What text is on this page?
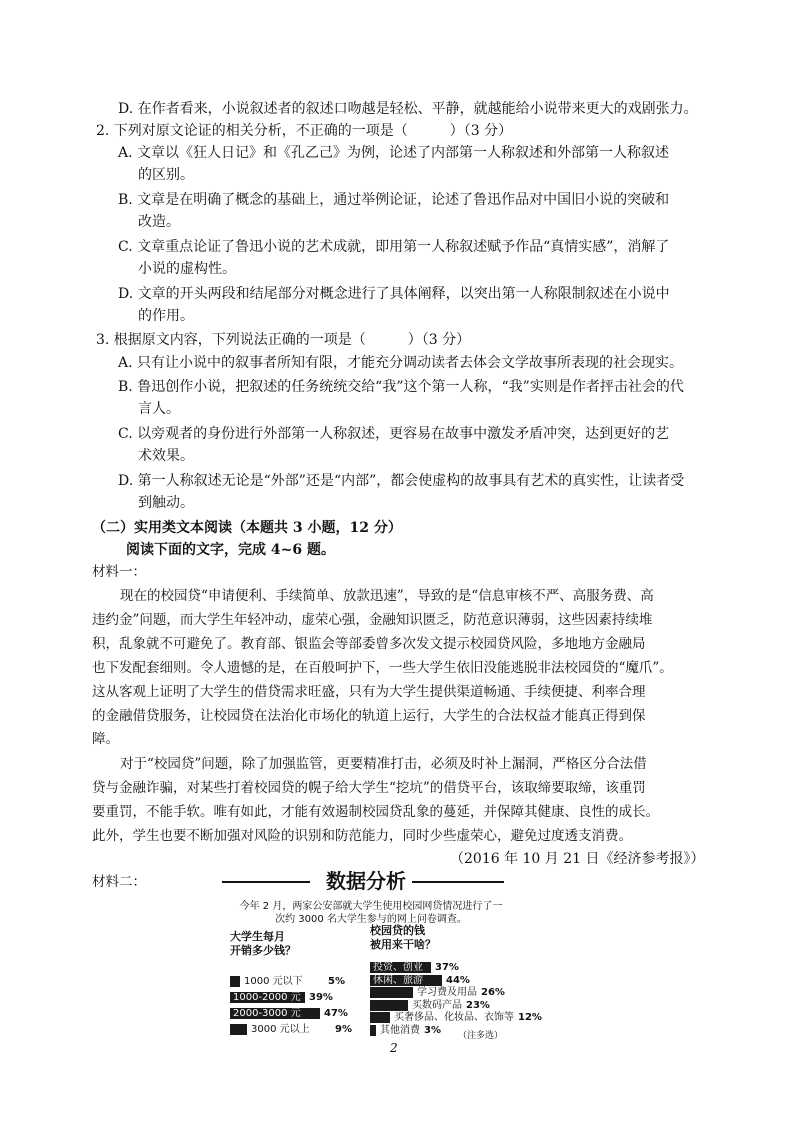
D. 在作者看来，小说叙述者的叙述口吻越是轻松、平静，就越能给小说带来更大的戏剧张力。
2. 下列对原文论证的相关分析，不正确的一项是（　　　）（3 分）
A. 文章以《狂人日记》和《孔乙己》为例，论述了内部第一人称叙述和外部第一人称叙述
的区别。
B. 文章是在明确了概念的基础上，通过举例论证，论述了鲁迅作品对中国旧小说的突破和
改造。
C. 文章重点论证了鲁迅小说的艺术成就，即用第一人称叙述赋予作品“真情实感”，消解了
小说的虚构性。
D. 文章的开头两段和结尾部分对概念进行了具体阐释，以突出第一人称限制叙述在小说中
的作用。
3. 根据原文内容，下列说法正确的一项是（　　　）（3 分）
A. 只有让小说中的叙事者所知有限，才能充分调动读者去体会文学故事所表现的社会现实。
B. 鲁迅创作小说，把叙述的任务统统交给“我”这个第一人称，“我”实则是作者抨击社会的代
言人。
C. 以旁观者的身份进行外部第一人称叙述，更容易在故事中激发矛盾冲突，达到更好的艺
术效果。
D. 第一人称叙述无论是“外部”还是“内部”，都会使虚构的故事具有艺术的真实性，让读者受
到触动。
（二）实用类文本阅读（本题共 3 小题，12 分）
阅读下面的文字，完成 4~6 题。
材料一：
现在的校园贷“申请便利、手续简单、放款迅速”，导致的是“信息审核不严、高服务费、高
违约金”问题，而大学生年轻冲动，虚荣心强，金融知识匮乏，防范意识薄弱，这些因素持续堆
积，乱象就不可避免了。教育部、银监会等部委曾多次发文提示校园贷风险，多地地方金融局
也下发配套细则。令人遗憾的是，在百般呵护下，一些大学生依旧没能逃脱非法校园贷的“魔爪”。
这从客观上证明了大学生的借贷需求旺盛，只有为大学生提供渠道畅通、手续便捷、利率合理
的金融借贷服务，让校园贷在法治化市场化的轨道上运行，大学生的合法权益才能真正得到保
障。
对于“校园贷”问题，除了加强监管，更要精准打击，必须及时补上漏洞，严格区分合法借
贷与金融诈骗，对某些打着校园贷的幌子给大学生“挖坑”的借贷平台，该取缔要取缔，该重罚
要重罚，不能手软。唯有如此，才能有效遏制校园贷乱象的蔓延，并保障其健康、良性的成长。
此外，学生也要不断加强对风险的识别和防范能力，同时少些虚荣心，避免过度透支消费。
（2016 年 10 月 21 日《经济参考报》）
材料二：	数据分析
今年 2 月，两家公安部就大学生使用校园网贷情况进行了一次约 3000 名大学生参与的网上问卷调查。
大学生每月
开销多少钱？
校园贷的钱
被用来干啥？
1000 元以下	5%
1000-2000 元 39%
2000-3000 元 47%
3000 元以上	9%
投资、创业 37%
休闲、旅游 44%
学习费及用品 26%
买数码产品 23%
买奢侈品、化妆品、衣饰等 12%
其他消费 3%
（注多选）
2
